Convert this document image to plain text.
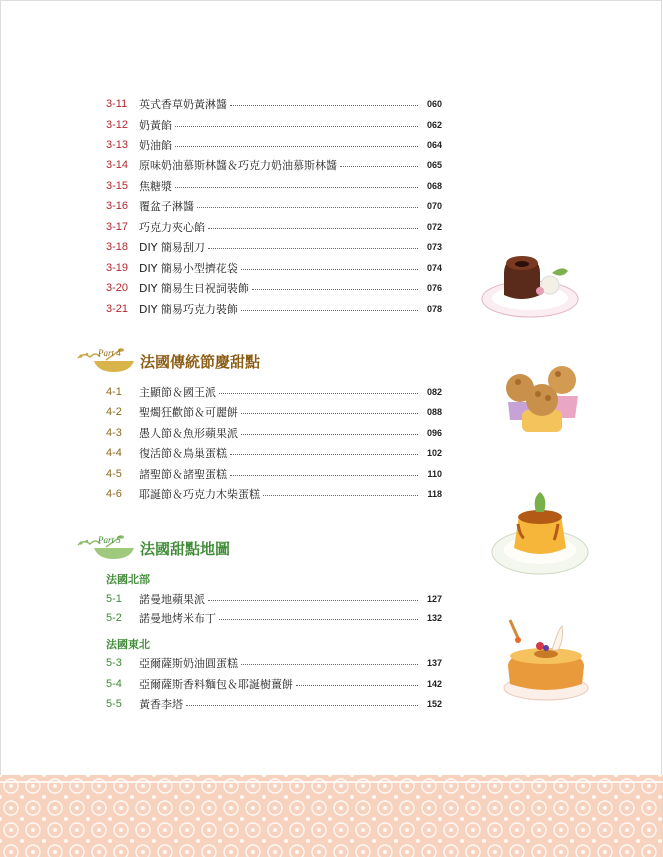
3-11	英式香草奶黃淋醬	060
3-12 奶黃餡	062
3-13 奶油餡	064
3-14 原味奶油慕斯林醬＆巧克力奶油慕斯林醬	065
3-15 焦糖漿	068
3-16 覆盆子淋醬	070
3-17 巧克力夾心餡	072
3-18 DIY 簡易刮刀	073
3-19 DIY 簡易小型擠花袋	074
3-20 DIY 簡易生日祝詞裝飾	076
3-21 DIY 簡易巧克力裝飾	078
Part 4 法國傳統節慶甜點
4-1	主顯節＆國王派	082
4-2	聖燭狂歡節＆可麗餅	088
4-3	愚人節＆魚形蘋果派	096
4-4	復活節＆鳥巢蛋糕	102
4-5	諸聖節＆諸聖蛋糕	110
4-6	耶誕節＆巧克力木柴蛋糕	118
Part 5 法國甜點地圖
法國北部
5-1	諾曼地蘋果派	127
5-2	諾曼地烤米布丁	132
法國東北
5-3	亞爾薩斯奶油圓蛋糕	137
5-4	亞爾薩斯香料麵包＆耶誕樹薑餅	142
5-5	黃香李塔	152
